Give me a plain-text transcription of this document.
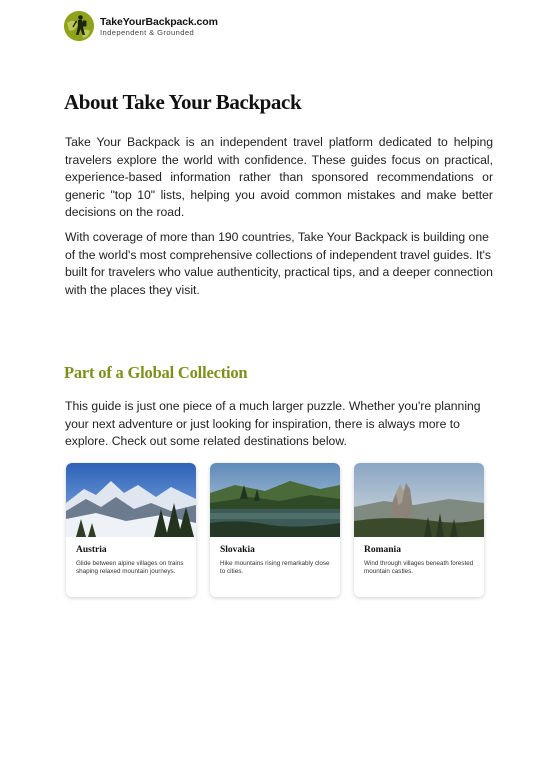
TakeYourBackpack.com
Independent & Grounded
About Take Your Backpack

Take Your Backpack is an independent travel platform dedicated to helping travelers explore the world with confidence. These guides focus on practical, experience-based information rather than sponsored recommendations or generic "top 10" lists, helping you avoid common mistakes and make better decisions on the road.

With coverage of more than 190 countries, Take Your Backpack is building one of the world's most comprehensive collections of independent travel guides. It's built for travelers who value authenticity, practical tips, and a deeper connection with the places they visit.

Part of a Global Collection

This guide is just one piece of a much larger puzzle. Whether you're planning your next adventure or just looking for inspiration, there is always more to explore. Check out some related destinations below.

Austria
Glide between alpine villages on trains shaping relaxed mountain journeys.
Slovakia
Hike mountains rising remarkably close to cities.
Romania
Wind through villages beneath forested mountain castles.
